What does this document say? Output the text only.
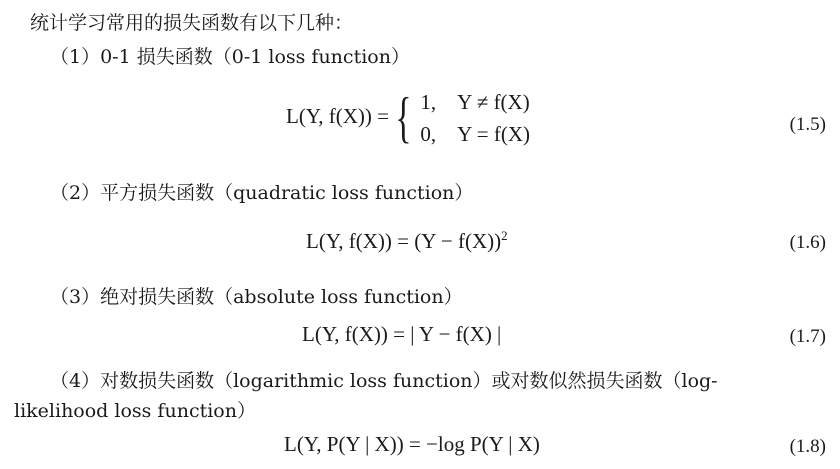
统计学习常用的损失函数有以下几种：
（1）0-1 损失函数（0-1 loss function）
L(Y, f(X)) = { 1, Y ≠ f(X)
0, Y = f(X)	(1.5)
（2）平方损失函数（quadratic loss function）
L(Y, $f(X)) = (Y - f(X))^2$	(1.6)
（3）绝对损失函数（absolute loss function）
L(Y, f(X)) = | Y − f(X) |	(1.7)
（4）对数损失函数（logarithmic loss function）或对数似然损失函数（log-
likelihood loss function）
L(Y, P(Y | X)) = −log P(Y | X)	(1.8)
